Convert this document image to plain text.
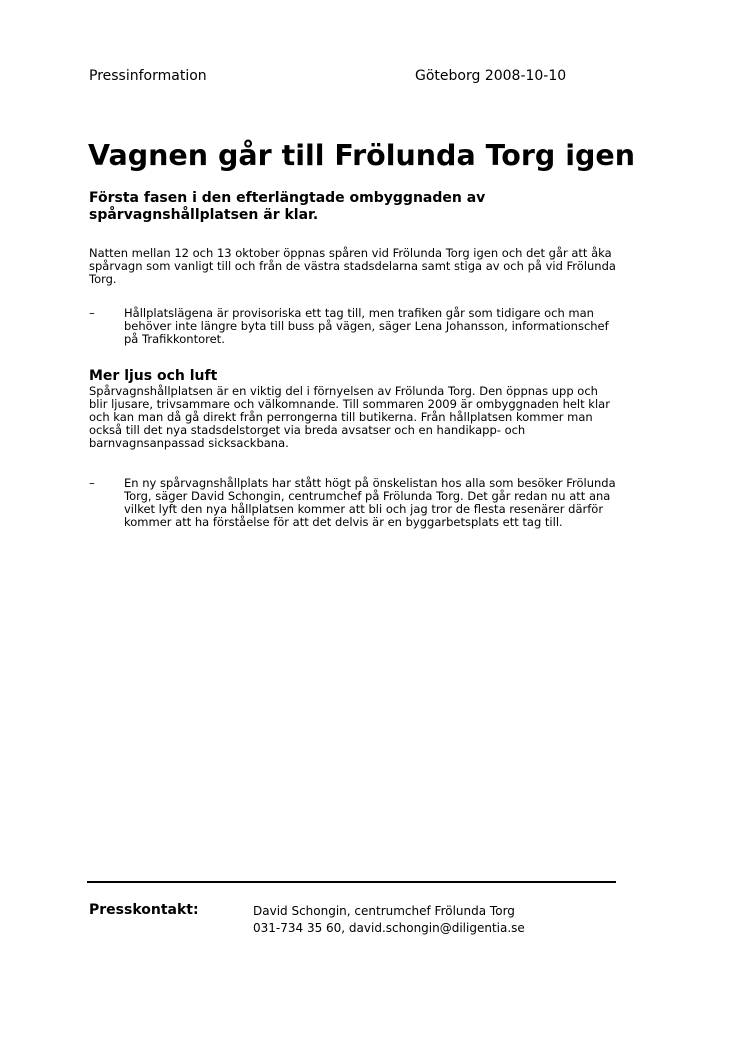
Pressinformation	Göteborg 2008-10-10
Vagnen går till Frölunda Torg igen

Första fasen i den efterlängtade ombyggnaden av spårvagnshållplatsen är klar.

Natten mellan 12 och 13 oktober öppnas spåren vid Frölunda Torg igen och det går att åka spårvagn som vanligt till och från de västra stadsdelarna samt stiga av och på vid Frölunda Torg.

–	Hållplatslägena är provisoriska ett tag till, men trafiken går som tidigare och man behöver inte längre byta till buss på vägen, säger Lena Johansson, informationschef på Trafikkontoret.
Mer ljus och luft

Spårvagnshållplatsen är en viktig del i förnyelsen av Frölunda Torg. Den öppnas upp och blir ljusare, trivsammare och välkomnande. Till sommaren 2009 är ombyggnaden helt klar och kan man då gå direkt från perrongerna till butikerna. Från hållplatsen kommer man också till det nya stadsdelstorget via breda avsatser och en handikapp- och barnvagnsanpassad sicksackbana.

–	En ny spårvagnshållplats har stått högt på önskelistan hos alla som besöker Frölunda Torg, säger David Schongin, centrumchef på Frölunda Torg. Det går redan nu att ana vilket lyft den nya hållplatsen kommer att bli och jag tror de flesta resenärer därför kommer att ha förståelse för att det delvis är en byggarbetsplats ett tag till.
Presskontakt:	David Schongin, centrumchef Frölunda Torg
031-734 35 60, david.schongin@diligentia.se
